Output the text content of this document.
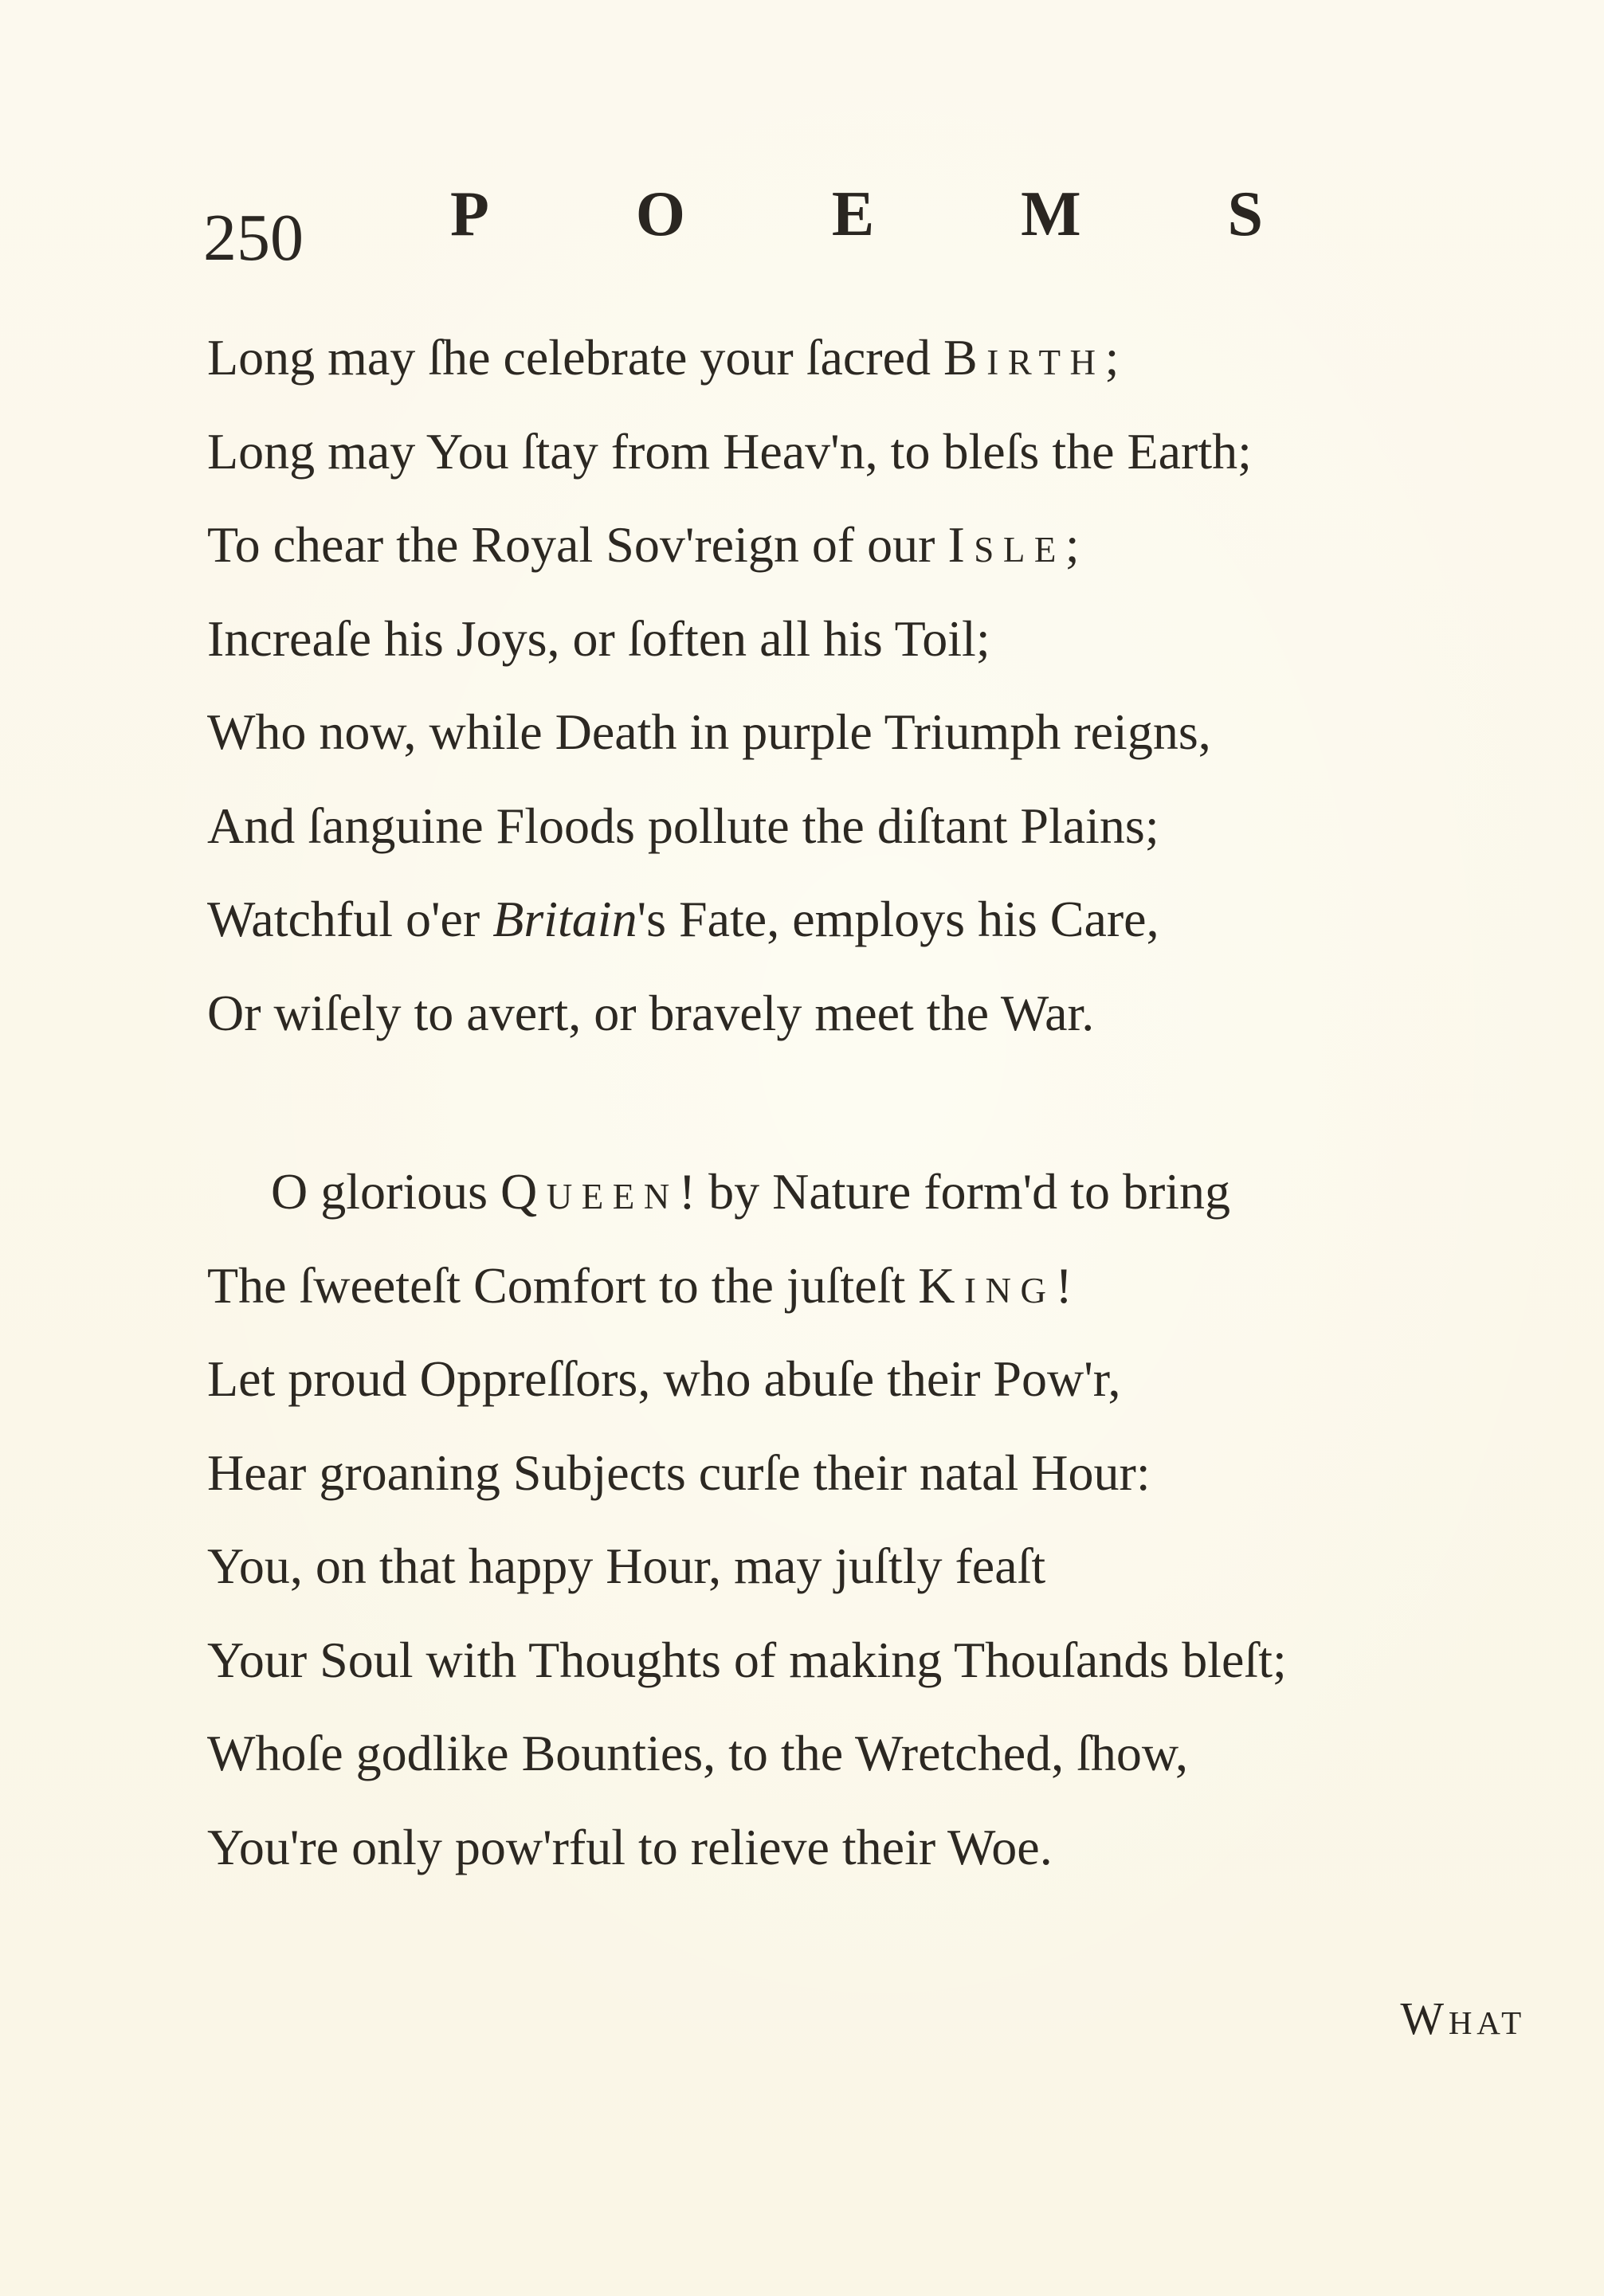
250 P O E M S
Long may ſhe celebrate your ſacred Birth;
Long may You ſtay from Heav'n, to bleſs the Earth;
To chear the Royal Sov'reign of our Isle;
Increaſe his Joys, or ſoften all his Toil;
Who now, while Death in purple Triumph reigns,
And ſanguine Floods pollute the diſtant Plains;
Watchful o'er Britain's Fate, employs his Care,
Or wiſely to avert, or bravely meet the War.
O glorious Queen! by Nature form'd to bring
The ſweeteſt Comfort to the juſteſt King!
Let proud Oppreſſors, who abuſe their Pow'r,
Hear groaning Subjects curſe their natal Hour:
You, on that happy Hour, may juſtly feaſt
Your Soul with Thoughts of making Thouſands bleſt;
Whoſe godlike Bounties, to the Wretched, ſhow,
You're only pow'rful to relieve their Woe.
What
